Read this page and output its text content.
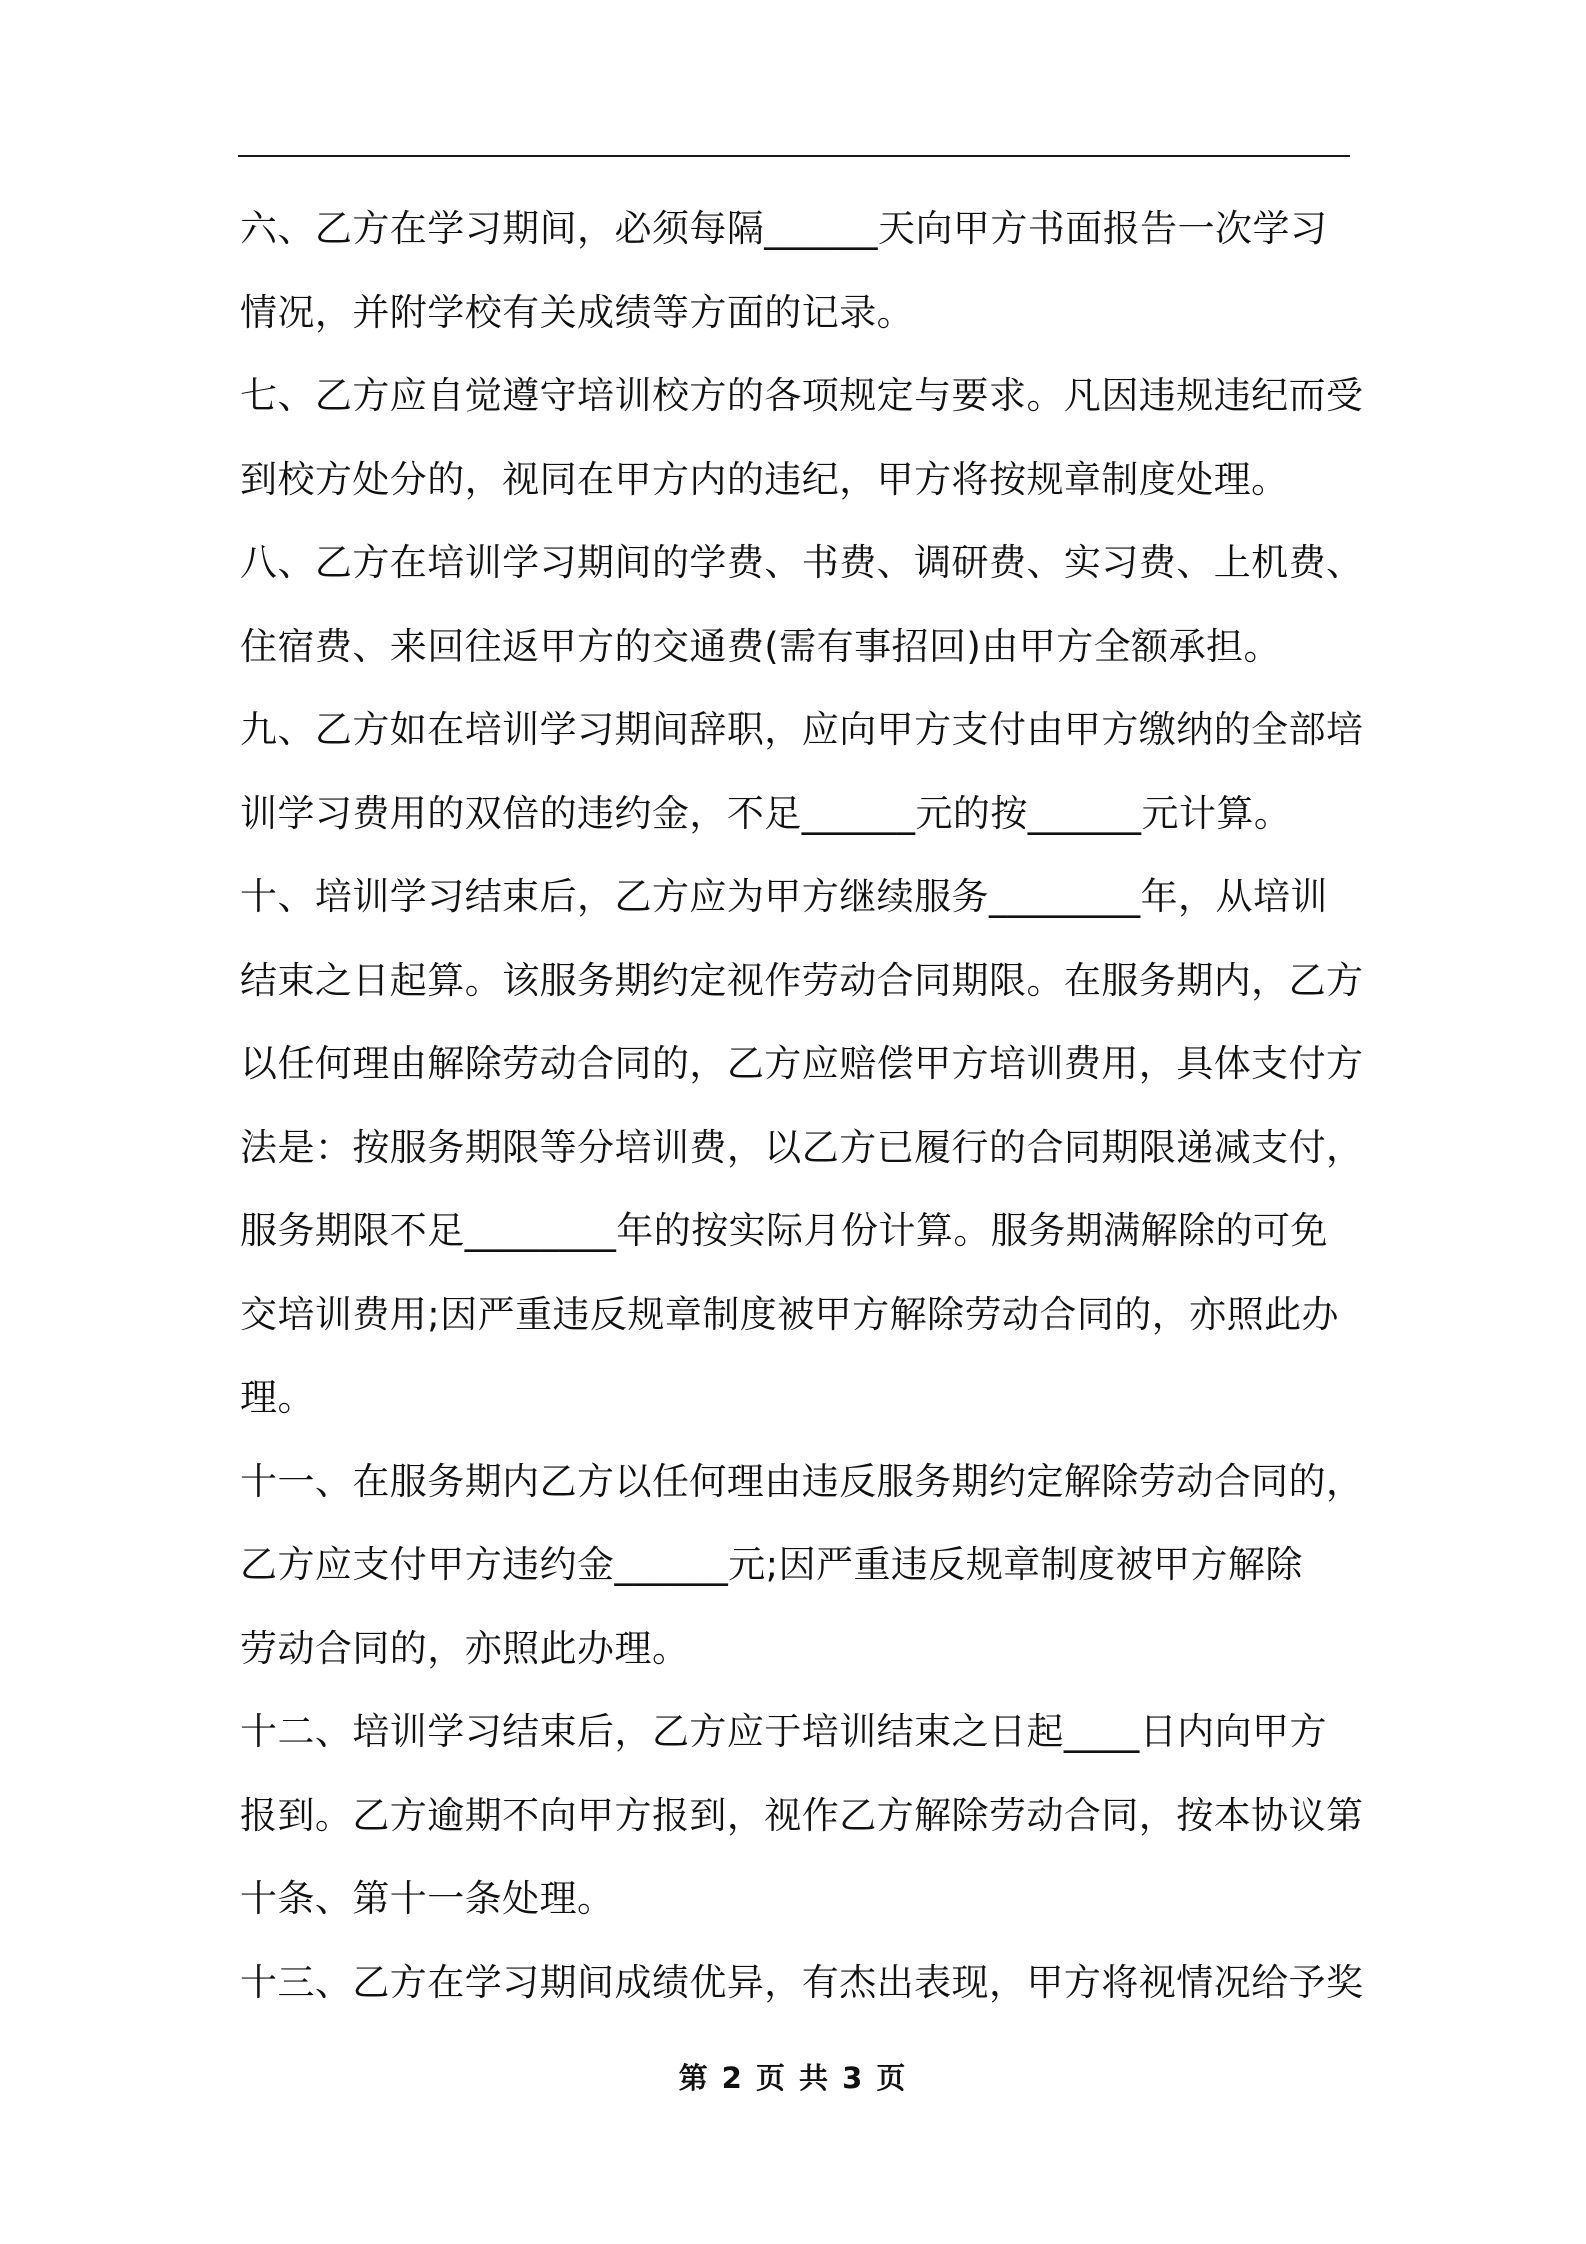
六、乙方在学习期间，必须每隔______天向甲方书面报告一次学习
情况，并附学校有关成绩等方面的记录。
七、乙方应自觉遵守培训校方的各项规定与要求。凡因违规违纪而受
到校方处分的，视同在甲方内的违纪，甲方将按规章制度处理。
八、乙方在培训学习期间的学费、书费、调研费、实习费、上机费、
住宿费、来回往返甲方的交通费(需有事招回)由甲方全额承担。
九、乙方如在培训学习期间辞职，应向甲方支付由甲方缴纳的全部培
训学习费用的双倍的违约金，不足______元的按______元计算。
十、培训学习结束后，乙方应为甲方继续服务________年，从培训
结束之日起算。该服务期约定视作劳动合同期限。在服务期内，乙方
以任何理由解除劳动合同的，乙方应赔偿甲方培训费用，具体支付方
法是：按服务期限等分培训费，以乙方已履行的合同期限递减支付，
服务期限不足________年的按实际月份计算。服务期满解除的可免
交培训费用;因严重违反规章制度被甲方解除劳动合同的，亦照此办
理。
十一、在服务期内乙方以任何理由违反服务期约定解除劳动合同的，
乙方应支付甲方违约金______元;因严重违反规章制度被甲方解除
劳动合同的，亦照此办理。
十二、培训学习结束后，乙方应于培训结束之日起____日内向甲方
报到。乙方逾期不向甲方报到，视作乙方解除劳动合同，按本协议第
十条、第十一条处理。
十三、乙方在学习期间成绩优异，有杰出表现，甲方将视情况给予奖
第 2 页 共 3 页
